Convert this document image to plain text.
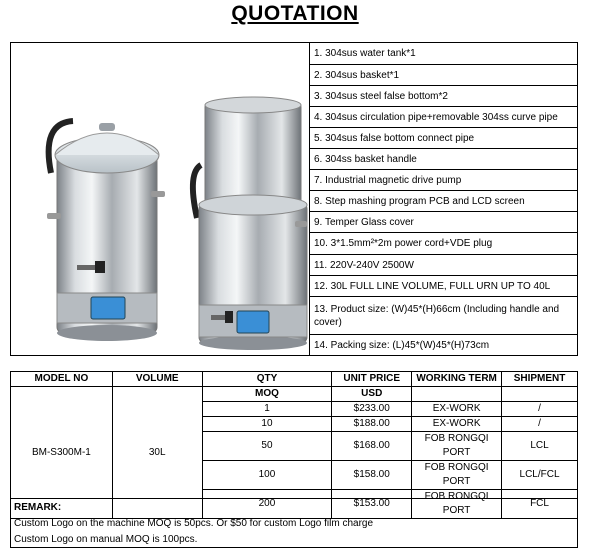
QUOTATION
1. 304sus water tank*1
2. 304sus basket*1
3. 304sus steel false bottom*2
4. 304sus circulation pipe+removable 304ss curve pipe
5. 304sus false bottom connect pipe
6. 304ss basket handle
7. Industrial magnetic drive pump
8. Step mashing program PCB and LCD screen
9. Temper Glass cover
10. 3*1.5mm²*2m power cord+VDE plug
11. 220V-240V 2500W
12. 30L FULL LINE VOLUME, FULL URN UP TO 40L
13. Product size: (W)45*(H)66cm (Including handle and cover)
14. Packing size: (L)45*(W)45*(H)73cm
MODEL NO	VOLUME	QTY	UNIT PRICE	WORKING TERM	SHIPMENT
BM-S300M-1	30L	MOQ	USD		
		1	$233.00	EX-WORK	/
		10	$188.00	EX-WORK	/
		50	$168.00	FOB RONGQI PORT	LCL
		100	$158.00	FOB RONGQI PORT	LCL/FCL
		200	$153.00	FOB RONGQI PORT	FCL
REMARK:
Custom Logo on the machine MOQ is 50pcs. Or $50 for custom Logo film charge
Custom Logo on manual MOQ is 100pcs.
